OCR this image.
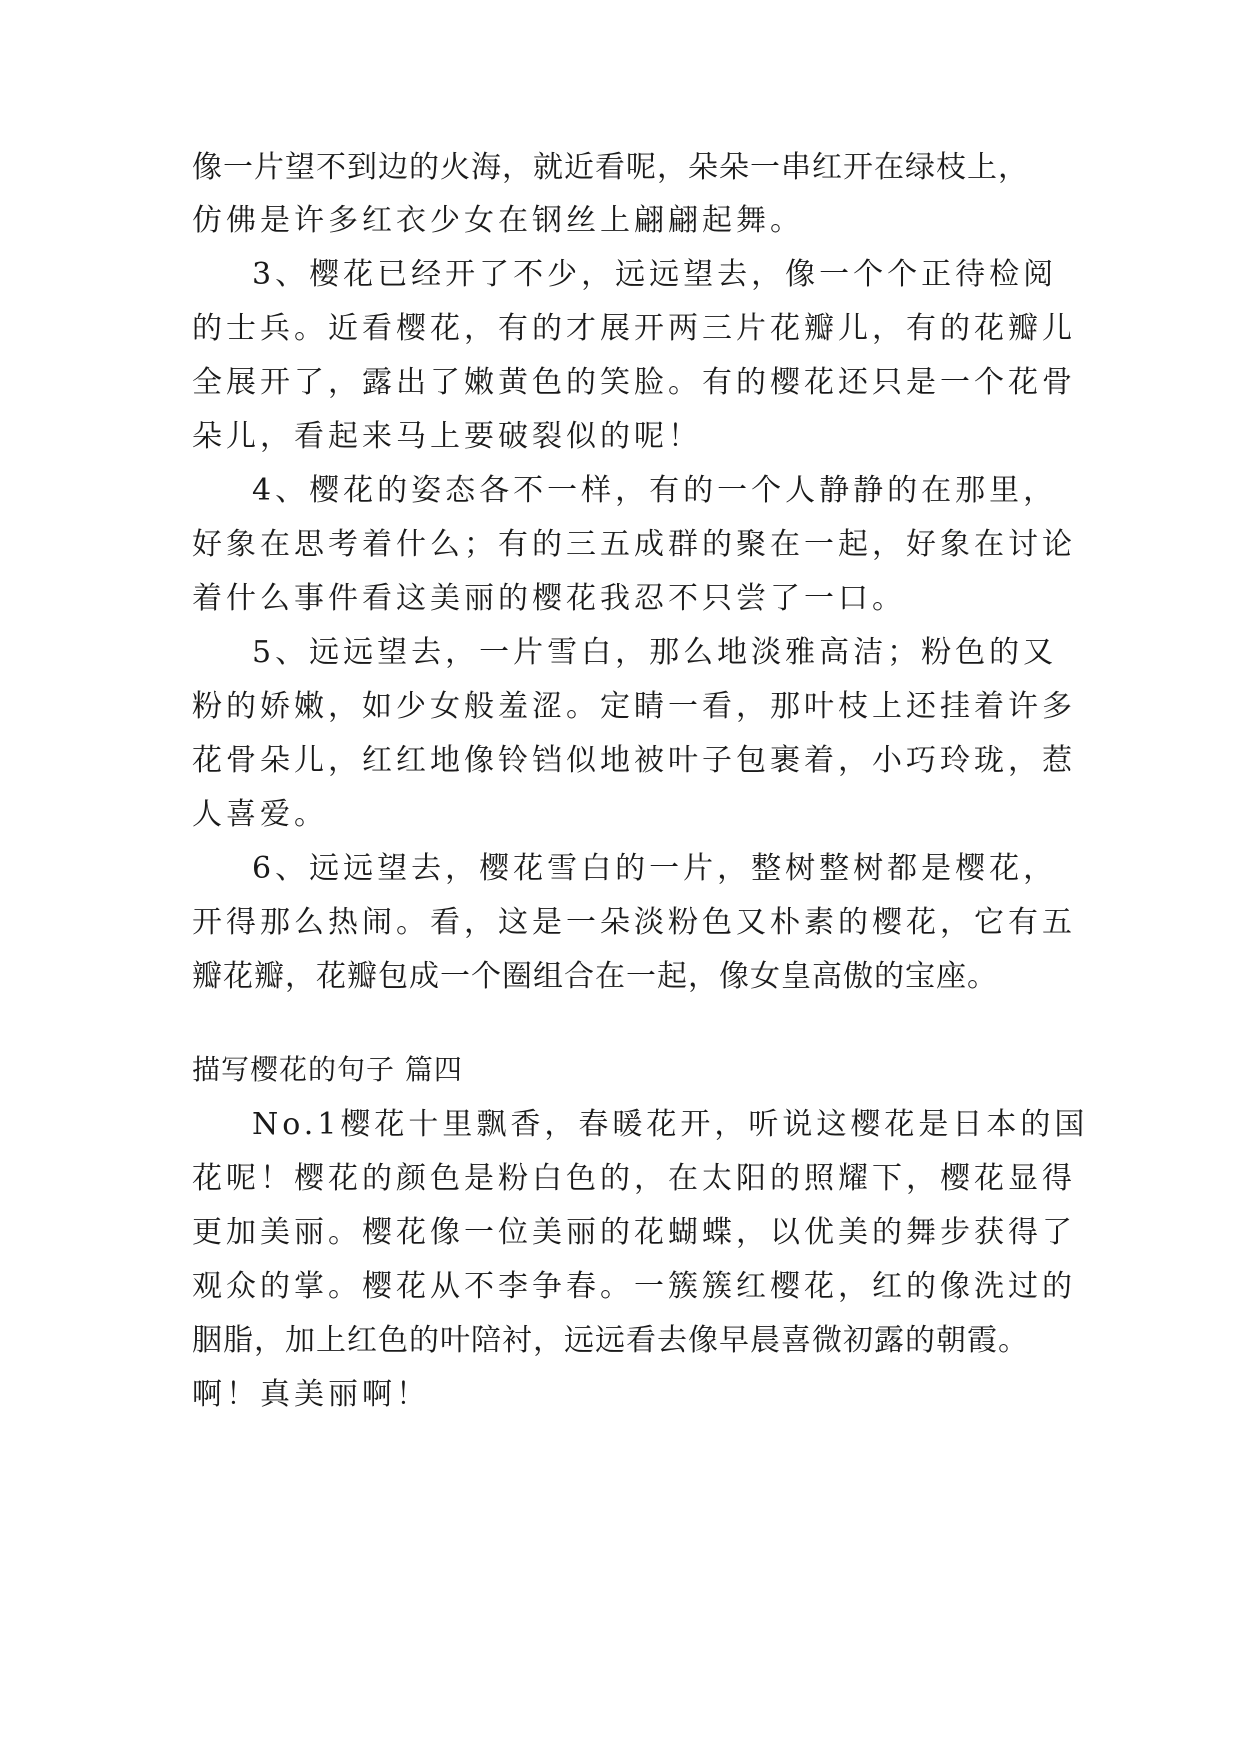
像一片望不到边的火海，就近看呢，朵朵一串红开在绿枝上，
仿佛是许多红衣少女在钢丝上翩翩起舞。
3、樱花已经开了不少，远远望去，像一个个正待检阅
的士兵。近看樱花，有的才展开两三片花瓣儿，有的花瓣儿
全展开了，露出了嫩黄色的笑脸。有的樱花还只是一个花骨
朵儿，看起来马上要破裂似的呢！
4、樱花的姿态各不一样，有的一个人静静的在那里，
好象在思考着什么；有的三五成群的聚在一起，好象在讨论
着什么事件看这美丽的樱花我忍不只尝了一口。
5、远远望去，一片雪白，那么地淡雅高洁；粉色的又
粉的娇嫩，如少女般羞涩。定睛一看，那叶枝上还挂着许多
花骨朵儿，红红地像铃铛似地被叶子包裹着，小巧玲珑，惹
人喜爱。
6、远远望去，樱花雪白的一片，整树整树都是樱花，
开得那么热闹。看，这是一朵淡粉色又朴素的樱花，它有五
瓣花瓣，花瓣包成一个圈组合在一起，像女皇高傲的宝座。
描写樱花的句子 篇四
No.1樱花十里飘香，春暖花开，听说这樱花是日本的国
花呢！樱花的颜色是粉白色的，在太阳的照耀下，樱花显得
更加美丽。樱花像一位美丽的花蝴蝶，以优美的舞步获得了
观众的掌。樱花从不李争春。一簇簇红樱花，红的像洗过的
胭脂，加上红色的叶陪衬，远远看去像早晨喜微初露的朝霞。
啊！真美丽啊！
